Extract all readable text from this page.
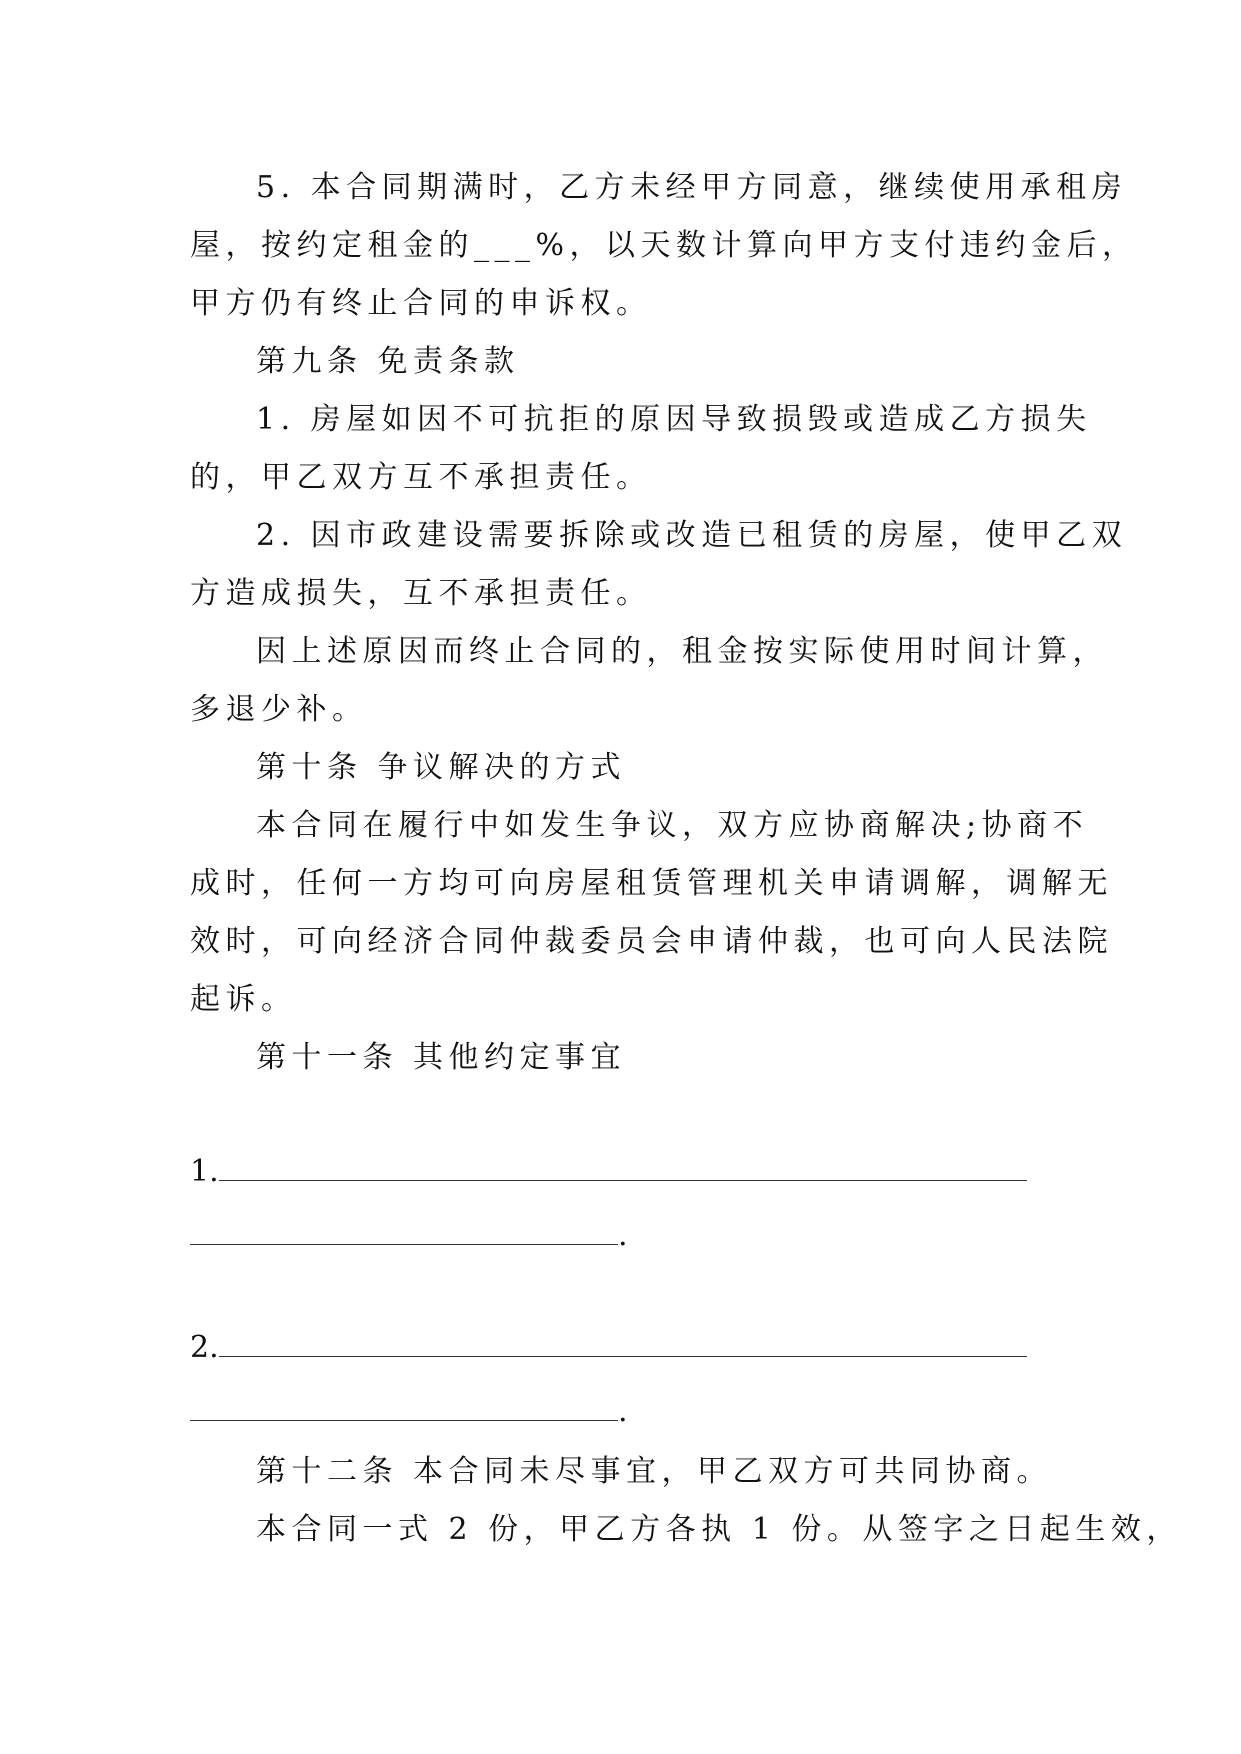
5. 本合同期满时，乙方未经甲方同意，继续使用承租房
屋，按约定租金的___%，以天数计算向甲方支付违约金后，
甲方仍有终止合同的申诉权。
第九条 免责条款
1. 房屋如因不可抗拒的原因导致损毁或造成乙方损失
的，甲乙双方互不承担责任。
2. 因市政建设需要拆除或改造已租赁的房屋，使甲乙双
方造成损失，互不承担责任。
因上述原因而终止合同的，租金按实际使用时间计算，
多退少补。
第十条 争议解决的方式
本合同在履行中如发生争议，双方应协商解决;协商不
成时，任何一方均可向房屋租赁管理机关申请调解，调解无
效时，可向经济合同仲裁委员会申请仲裁，也可向人民法院
起诉。
第十一条 其他约定事宜
1.
.
2.
.
第十二条 本合同未尽事宜，甲乙双方可共同协商。
本合同一式 2 份，甲乙方各执 1 份。从签字之日起生效，
